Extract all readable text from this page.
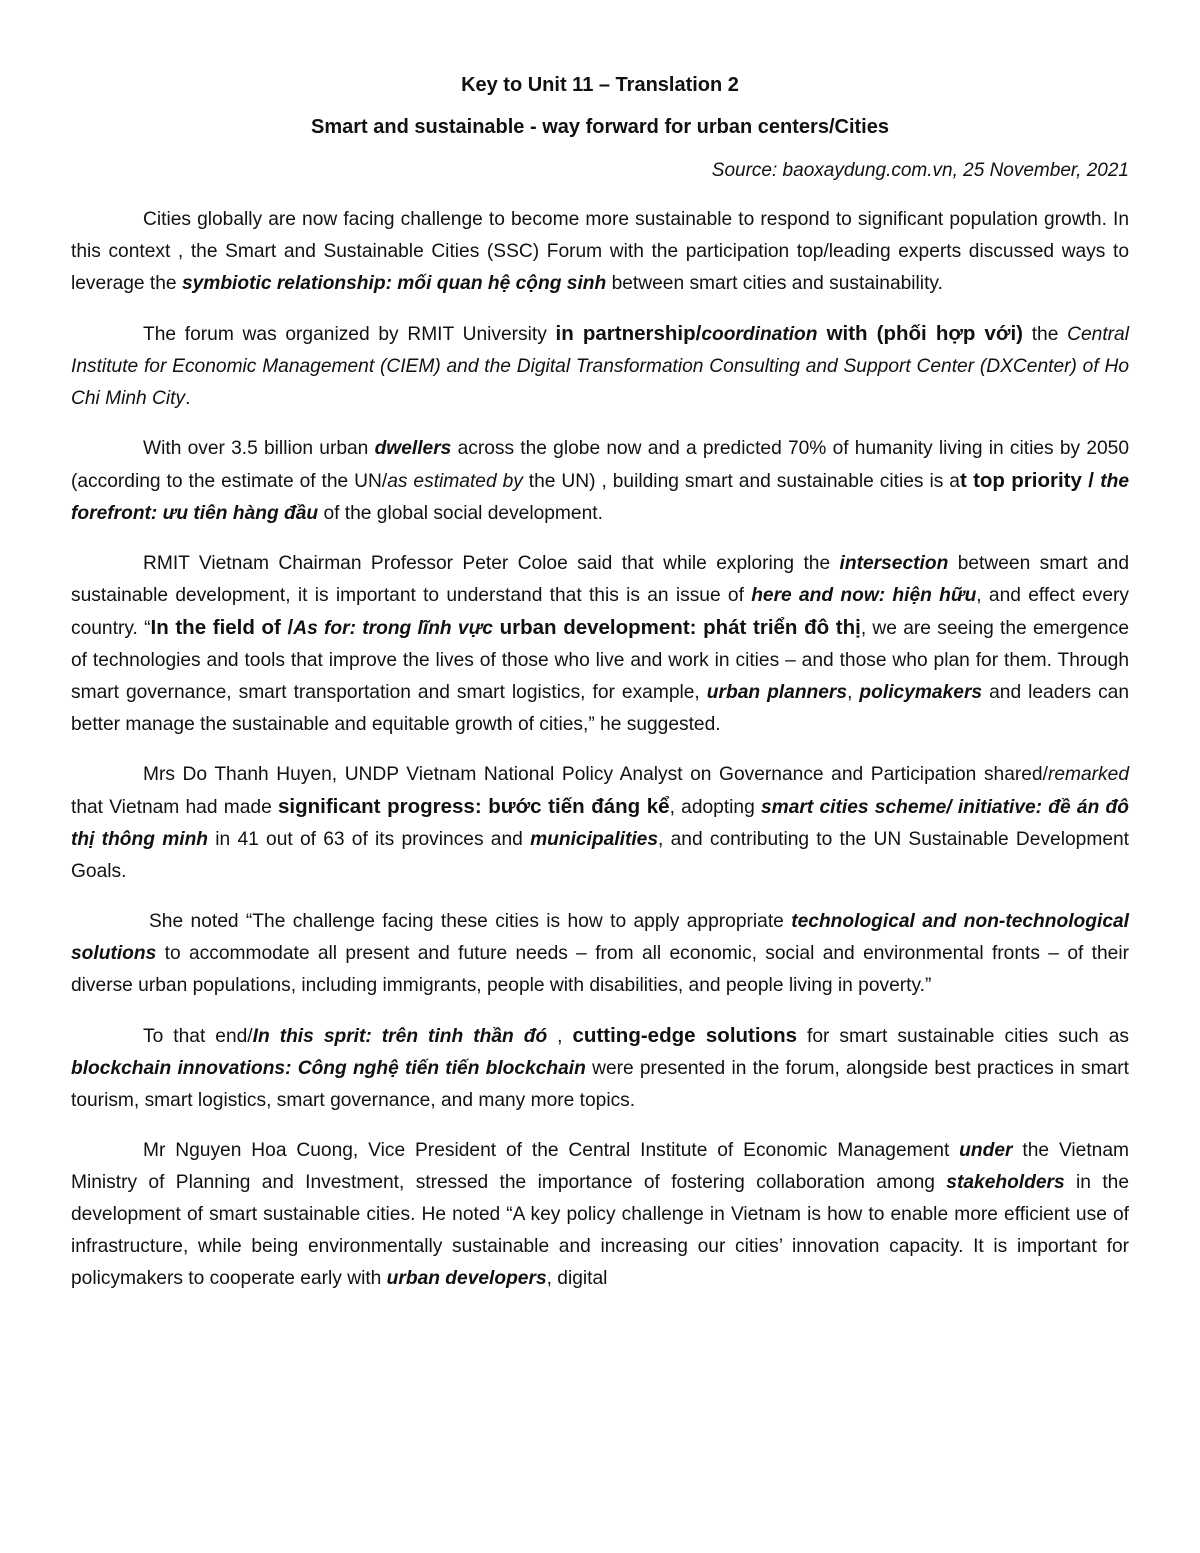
Key to Unit 11 – Translation 2
Smart and sustainable - way forward for urban centers/Cities
Source: baoxaydung.com.vn, 25 November, 2021

Cities globally are now facing challenge to become more sustainable to respond to significant population growth. In this context , the Smart and Sustainable Cities (SSC) Forum with the participation top/leading experts discussed ways to leverage the symbiotic relationship: mối quan hệ cộng sinh between smart cities and sustainability.

The forum was organized by RMIT University in partnership/coordination with (phối hợp với) the Central Institute for Economic Management (CIEM) and the Digital Transformation Consulting and Support Center (DXCenter) of Ho Chi Minh City.

With over 3.5 billion urban dwellers across the globe now and a predicted 70% of humanity living in cities by 2050 (according to the estimate of the UN/as estimated by the UN) , building smart and sustainable cities is at top priority / the forefront: ưu tiên hàng đầu of the global social development.

RMIT Vietnam Chairman Professor Peter Coloe said that while exploring the intersection between smart and sustainable development, it is important to understand that this is an issue of here and now: hiện hữu, and effect every country. “In the field of /As for: trong lĩnh vực urban development: phát triển đô thị, we are seeing the emergence of technologies and tools that improve the lives of those who live and work in cities – and those who plan for them. Through smart governance, smart transportation and smart logistics, for example, urban planners, policymakers and leaders can better manage the sustainable and equitable growth of cities,” he suggested.

Mrs Do Thanh Huyen, UNDP Vietnam National Policy Analyst on Governance and Participation shared/remarked that Vietnam had made significant progress: bước tiến đáng kể, adopting smart cities scheme/ initiative: đề án đô thị thông minh in 41 out of 63 of its provinces and municipalities, and contributing to the UN Sustainable Development Goals.

She noted “The challenge facing these cities is how to apply appropriate technological and non-technological solutions to accommodate all present and future needs – from all economic, social and environmental fronts – of their diverse urban populations, including immigrants, people with disabilities, and people living in poverty.”

To that end/In this sprit: trên tinh thần đó , cutting-edge solutions for smart sustainable cities such as blockchain innovations: Công nghệ tiến tiến blockchain were presented in the forum, alongside best practices in smart tourism, smart logistics, smart governance, and many more topics.

Mr Nguyen Hoa Cuong, Vice President of the Central Institute of Economic Management under the Vietnam Ministry of Planning and Investment, stressed the importance of fostering collaboration among stakeholders in the development of smart sustainable cities. He noted “A key policy challenge in Vietnam is how to enable more efficient use of infrastructure, while being environmentally sustainable and increasing our cities’ innovation capacity. It is important for policymakers to cooperate early with urban developers, digital
